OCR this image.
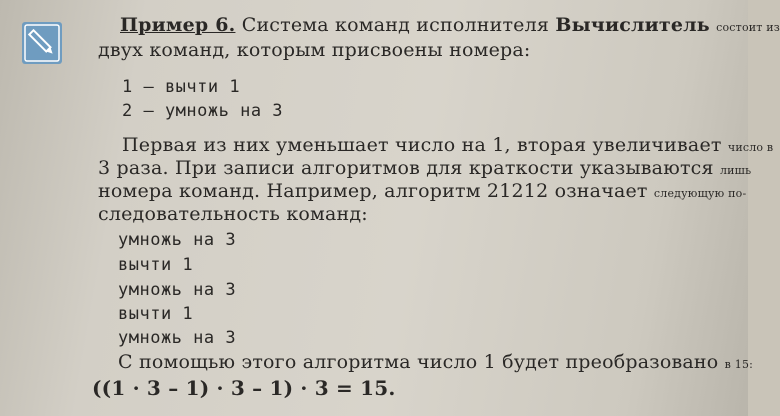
Пример 6. Система команд исполнителя Вычислитель состоит из
двух команд, которым присвоены номера:
1 — вычти 1
2 — умножь на 3
Первая из них уменьшает число на 1, вторая увеличивает число в
3 раза. При записи алгоритмов для краткости указываются лишь
номера команд. Например, алгоритм 21212 означает следующую по-
следовательность команд:
умножь на 3
вычти 1
умножь на 3
вычти 1
умножь на 3
С помощью этого алгоритма число 1 будет преобразовано в 15:
((1 · 3 – 1) · 3 – 1) · 3 = 15.
